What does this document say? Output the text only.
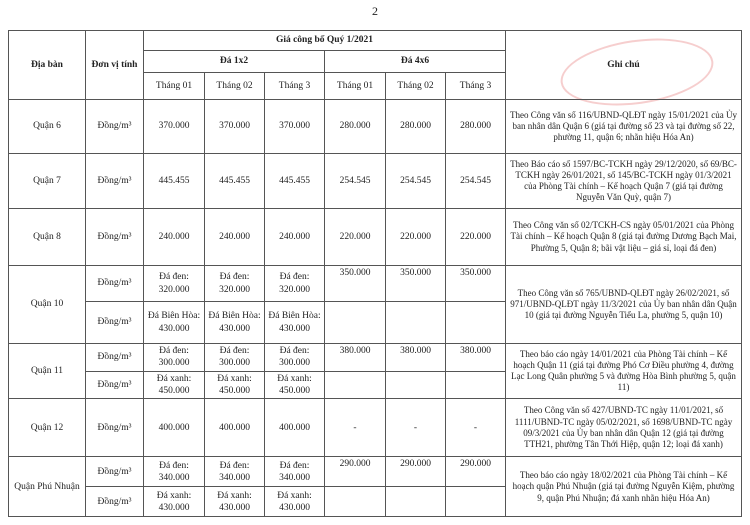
2
Địa bàn	Đơn vị tính	Giá công bố Quý 1/2021						Ghi chú
		Đá 1x2			Đá 4x6			
		Tháng 01	Tháng 02	Tháng 3	Tháng 01	Tháng 02	Tháng 3	
Quận 6	Đồng/m³	370.000	370.000	370.000	280.000	280.000	280.000	Theo Công văn số 116/UBND-QLĐT ngày 15/01/2021 của Ủy ban nhân dân Quận 6 (giá tại đường số 23 và tại đường số 22, phường 11, quận 6; nhãn hiệu Hóa An)
Quận 7	Đồng/m³	445.455	445.455	445.455	254.545	254.545	254.545	Theo Báo cáo số 1597/BC-TCKH ngày 29/12/2020, số 69/BC-TCKH ngày 26/01/2021, số 145/BC-TCKH ngày 01/3/2021 của Phòng Tài chính – Kế hoạch Quận 7 (giá tại đường Nguyễn Văn Quỳ, quận 7)
Quận 8	Đồng/m³	240.000	240.000	240.000	220.000	220.000	220.000	Theo Công văn số 02/TCKH-CS ngày 05/01/2021 của Phòng Tài chính – Kế hoạch Quận 8 (giá tại đường Dương Bạch Mai, Phường 5, Quận 8; bãi vật liệu – giá sỉ, loại đá đen)
Quận 10	Đồng/m³	Đá đen: 320.000	Đá đen: 320.000	Đá đen: 320.000	350.000	350.000	350.000	Theo Công văn số 765/UBND-QLĐT ngày 26/02/2021, số 971/UBND-QLĐT ngày 11/3/2021 của Ủy ban nhân dân Quận 10 (giá tại đường Nguyễn Tiểu La, phường 5, quận 10)
	Đồng/m³	Đá Biên Hòa: 430.000	Đá Biên Hòa: 430.000	Đá Biên Hòa: 430.000				
Quận 11	Đồng/m³	Đá đen: 300.000	Đá đen: 300.000	Đá đen: 300.000	380.000	380.000	380.000	Theo báo cáo ngày 14/01/2021 của Phòng Tài chính – Kế hoạch Quận 11 (giá tại đường Phó Cơ Điều phường 4, đường Lạc Long Quân phường 5 và đường Hòa Bình phường 5, quận 11)
	Đồng/m³	Đá xanh: 450.000	Đá xanh: 450.000	Đá xanh: 450.000				
Quận 12	Đồng/m³	400.000	400.000	400.000	-	-	-	Theo Công văn số 427/UBND-TC ngày 11/01/2021, số 1111/UBND-TC ngày 05/02/2021, số 1698/UBND-TC ngày 09/3/2021 của Ủy ban nhân dân Quận 12 (giá tại đường TTH21, phường Tân Thới Hiệp, quận 12; loại đá xanh)
Quận Phú Nhuận	Đồng/m³	Đá đen: 340.000	Đá đen: 340.000	Đá đen: 340.000	290.000	290.000	290.000	Theo báo cáo ngày 18/02/2021 của Phòng Tài chính – Kế hoạch quận Phú Nhuận (giá tại đường Nguyễn Kiệm, phường 9, quận Phú Nhuận; đá xanh nhãn hiệu Hóa An)
	Đồng/m³	Đá xanh: 430.000	Đá xanh: 430.000	Đá xanh: 430.000				
